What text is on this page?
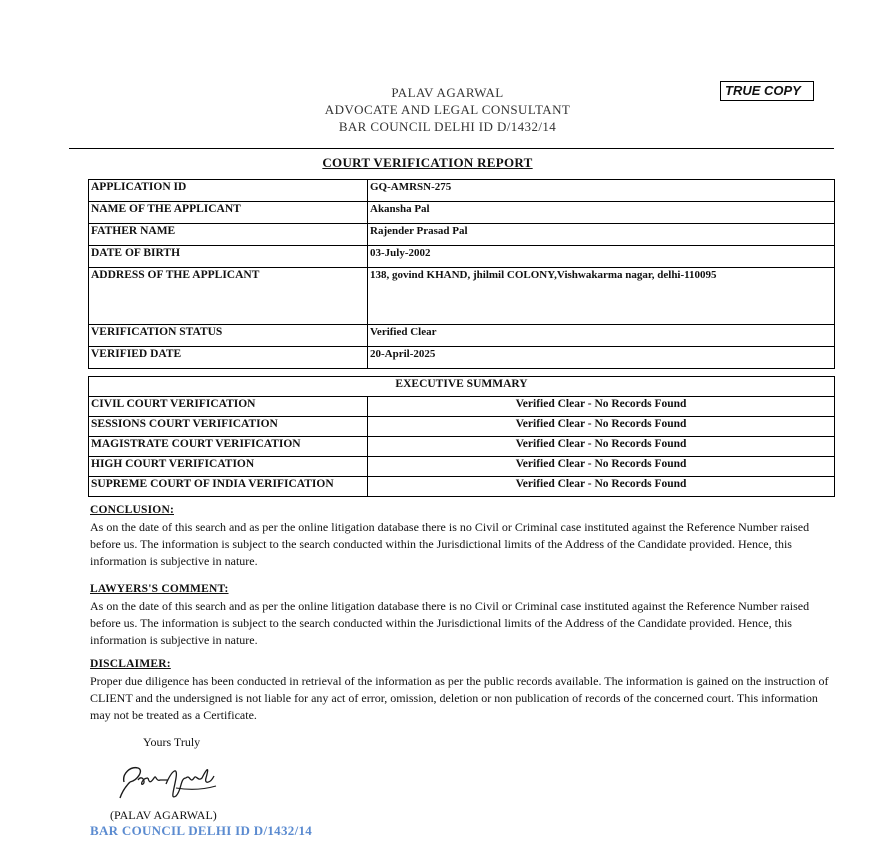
PALAV AGARWAL
ADVOCATE AND LEGAL CONSULTANT
BAR COUNCIL DELHI ID D/1432/14
TRUE COPY
COURT VERIFICATION REPORT
APPLICATION ID	GQ-AMRSN-275
NAME OF THE APPLICANT	Akansha Pal
FATHER NAME	Rajender Prasad Pal
DATE OF BIRTH	03-July-2002
ADDRESS OF THE APPLICANT	138, govind KHAND, jhilmil COLONY,Vishwakarma nagar, delhi-110095
VERIFICATION STATUS	Verified Clear
VERIFIED DATE	20-April-2025
EXECUTIVE SUMMARY	
CIVIL COURT VERIFICATION	Verified Clear - No Records Found
SESSIONS COURT VERIFICATION	Verified Clear - No Records Found
MAGISTRATE COURT VERIFICATION	Verified Clear - No Records Found
HIGH COURT VERIFICATION	Verified Clear - No Records Found
SUPREME COURT OF INDIA VERIFICATION	Verified Clear - No Records Found
CONCLUSION:
As on the date of this search and as per the online litigation database there is no Civil or Criminal case instituted against the Reference Number raised before us. The information is subject to the search conducted within the Jurisdictional limits of the Address of the Candidate provided. Hence, this information is subjective in nature.
LAWYERS'S COMMENT:
As on the date of this search and as per the online litigation database there is no Civil or Criminal case instituted against the Reference Number raised before us. The information is subject to the search conducted within the Jurisdictional limits of the Address of the Candidate provided. Hence, this information is subjective in nature.
DISCLAIMER:
Proper due diligence has been conducted in retrieval of the information as per the public records available. The information is gained on the instruction of CLIENT and the undersigned is not liable for any act of error, omission, deletion or non publication of records of the concerned court. This information may not be treated as a Certificate.
Yours Truly
(PALAV AGARWAL)
BAR COUNCIL DELHI ID D/1432/14
